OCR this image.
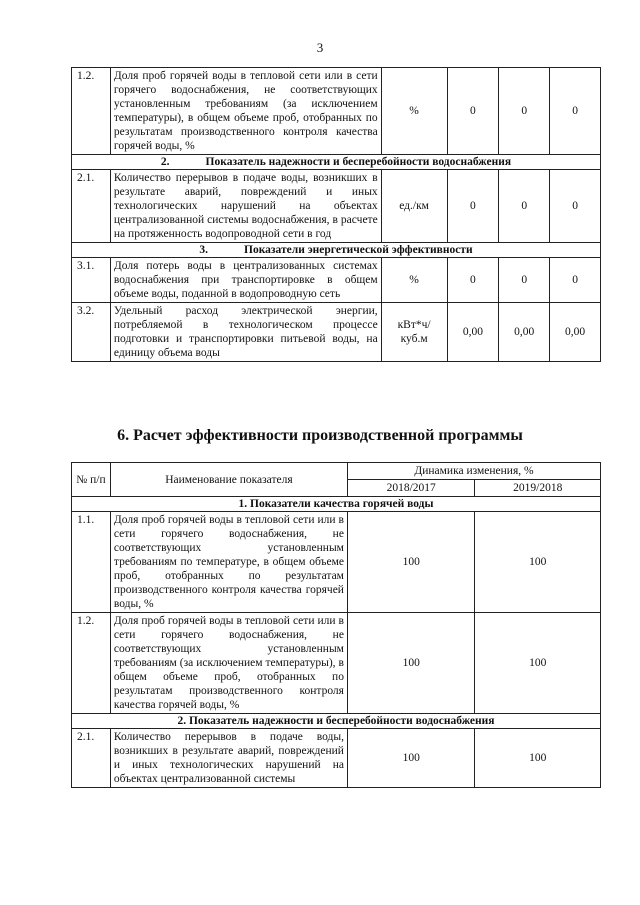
3
1.2.	Доля проб горячей воды в тепловой сети или в сети горячего водоснабжения, не соответствующих установленным требованиям (за исключением температуры), в общем объеме проб, отобранных по результатам производственного контроля качества горячей воды, %	%	0	0	0
2. Показатель надежности и бесперебойности водоснабжения					
2.1.	Количество перерывов в подаче воды, возникших в результате аварий, повреждений и иных технологических нарушений на объектах централизованной системы водоснабжения, в расчете на протяженность водопроводной сети в год	ед./км	0	0	0
3. Показатели энергетической эффективности					
3.1.	Доля потерь воды в централизованных системах водоснабжения при транспортировке в общем объеме воды, поданной в водопроводную сеть	%	0	0	0
3.2.	Удельный расход электрической энергии, потребляемой в технологическом процессе подготовки и транспортировки питьевой воды, на единицу объема воды	кВт*ч/ куб.м	0,00	0,00	0,00
6. Расчет эффективности производственной программы
№ п/п	Наименование показателя	Динамика изменения, %	
		2018/2017	2019/2018
1. Показатели качества горячей воды			
1.1.	Доля проб горячей воды в тепловой сети или в сети горячего водоснабжения, не соответствующих установленным требованиям по температуре, в общем объеме проб, отобранных по результатам производственного контроля качества горячей воды, %	100	100
1.2.	Доля проб горячей воды в тепловой сети или в сети горячего водоснабжения, не соответствующих установленным требованиям (за исключением температуры), в общем объеме проб, отобранных по результатам производственного контроля качества горячей воды, %	100	100
2. Показатель надежности и бесперебойности водоснабжения			
2.1.	Количество перерывов в подаче воды, возникших в результате аварий, повреждений и иных технологических нарушений на объектах централизованной системы	100	100
